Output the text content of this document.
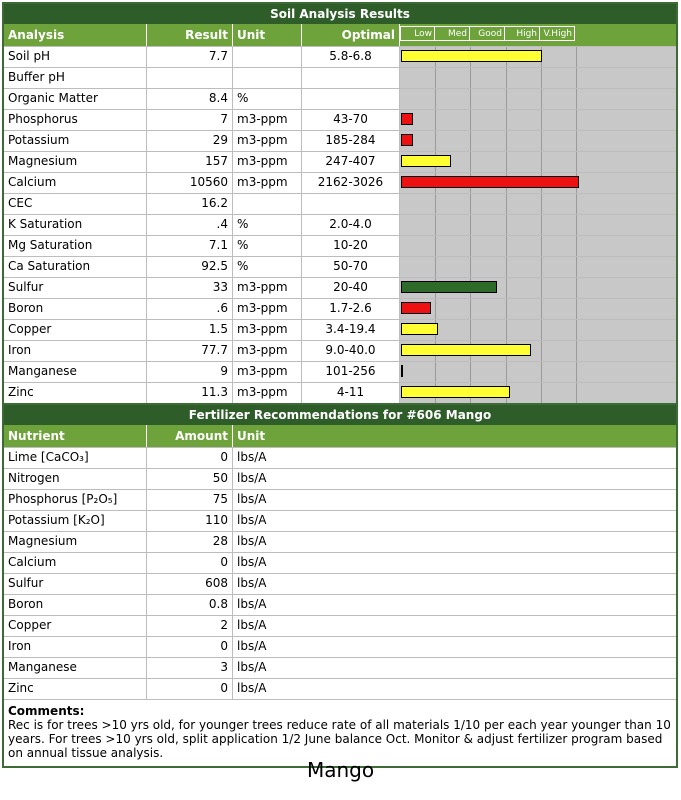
Soil Analysis Results
Analysis	Result Unit	Optimal	Low	Med	Good	High V.High
Soil pH	7.7	5.8-6.8
Buffer pH
Organic Matter	8.4 %
Phosphorus	7 m3-ppm	43-70
Potassium	29 m3-ppm	185-284
Magnesium	157 m3-ppm	247-407
Calcium	10560 m3-ppm	2162-3026
CEC	16.2
K Saturation	.4 %	2.0-4.0
Mg Saturation	7.1 %	10-20
Ca Saturation	92.5 %	50-70
Sulfur	33 m3-ppm	20-40
Boron	.6 m3-ppm	1.7-2.6
Copper	1.5 m3-ppm	3.4-19.4
Iron	77.7 m3-ppm	9.0-40.0
Manganese	9 m3-ppm	101-256
Zinc	11.3 m3-ppm	4-11
Fertilizer Recommendations for #606 Mango
Nutrient	Amount Unit
Lime [CaCO₃]	0 lbs/A
Nitrogen	50 lbs/A
Phosphorus [P₂O₅]	75 lbs/A
Potassium [K₂O]	110 lbs/A
Magnesium	28 lbs/A
Calcium	0 lbs/A
Sulfur	608 lbs/A
Boron	0.8 lbs/A
Copper	2 lbs/A
Iron	0 lbs/A
Manganese	3 lbs/A
Zinc	0 lbs/A
Comments:
Rec is for trees >10 yrs old, for younger trees reduce rate of all materials 1/10 per each year younger than 10 years. For trees >10 yrs old, split application 1/2 June balance Oct. Monitor & adjust fertilizer program based on annual tissue analysis.
Mango
